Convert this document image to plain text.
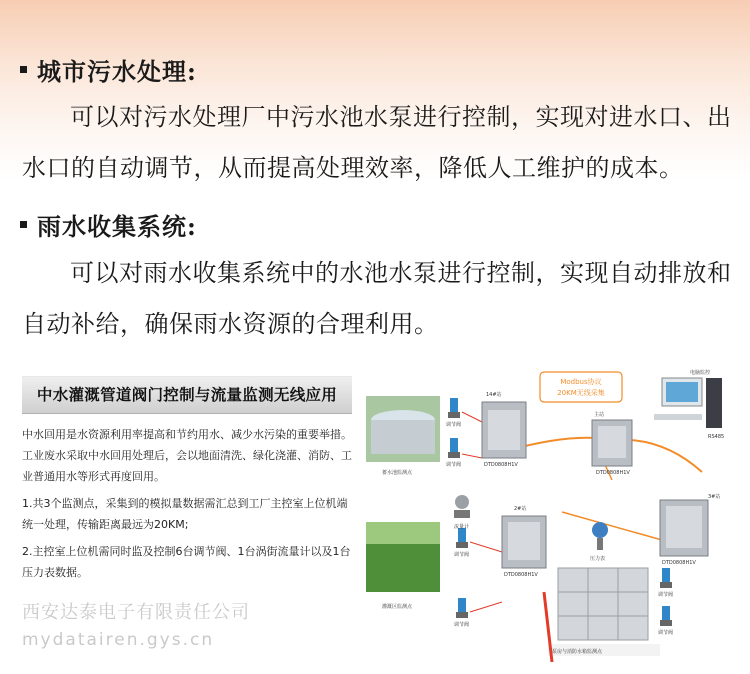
城市污水处理:
可以对污水处理厂中污水池水泵进行控制，实现对进水口、出水口的自动调节，从而提高处理效率，降低人工维护的成本。
雨水收集系统:
可以对雨水收集系统中的水池水泵进行控制，实现自动排放和自动补给，确保雨水资源的合理利用。
中水灌溉管道阀门控制与流量监测无线应用

中水回用是水资源利用率提高和节约用水、减少水污染的重要举措。工业废水采取中水回用处理后，会以地面清洗、绿化浇灌、消防、工业普通用水等形式再度回用。

1.共3个监测点，采集到的模拟量数据需汇总到工厂主控室上位机端统一处理，传输距离最远为20KM;

2.主控室上位机需同时监及控制6台调节阀、1台涡街流量计以及1台压力表数据。

西安达泰电子有限责任公司
mydatairen.gys.cn
Modbus协议
20KM无线采集
电脑监控
RS485
蓄水池监测点
灌溉区监测点
调节阀
调节阀
调节阀
调节阀
流量计
14#站
DTD0808H1V
主站
DTD0808H1V
2#站
DTD0808H1V
压力表
3#站
DTD0808H1V
泵房与消防水箱监测点
调节阀
调节阀
